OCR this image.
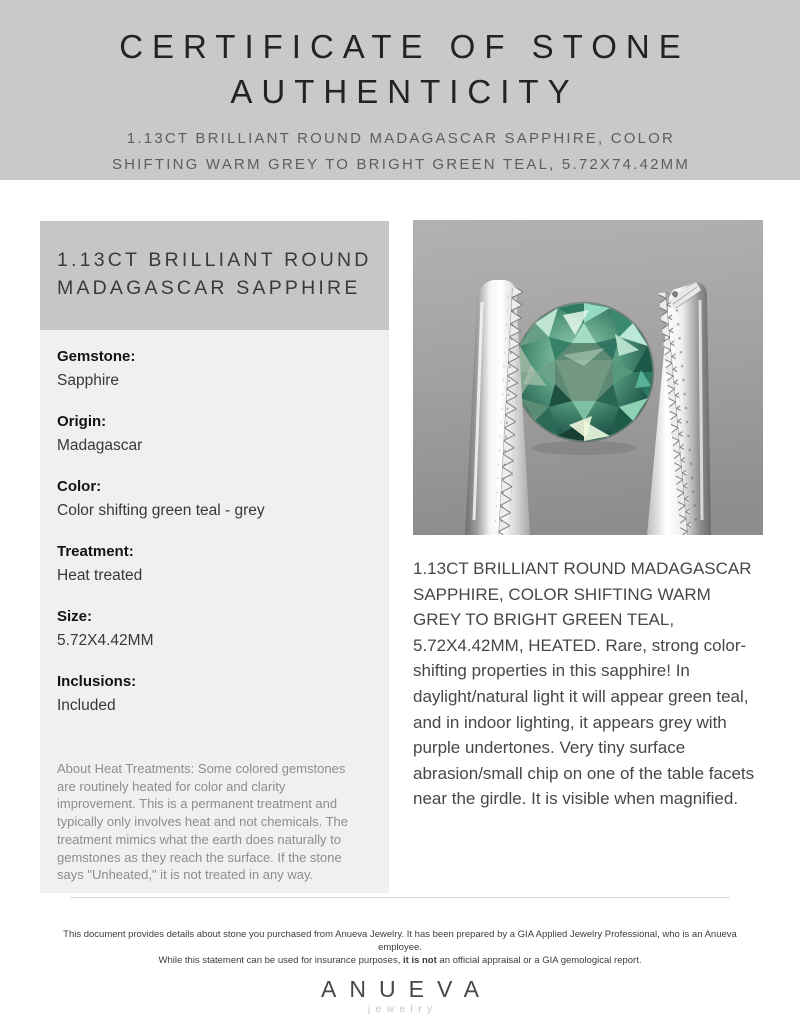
CERTIFICATE OF STONE
AUTHENTICITY
1.13CT BRILLIANT ROUND MADAGASCAR SAPPHIRE, COLOR
SHIFTING WARM GREY TO BRIGHT GREEN TEAL, 5.72X74.42MM
1.13CT BRILLIANT ROUND
MADAGASCAR SAPPHIRE
Gemstone:
Sapphire
Origin:
Madagascar
Color:
Color shifting green teal - grey
Treatment:
Heat treated
Size:
5.72X4.42MM
Inclusions:
Included
About Heat Treatments: Some colored gemstones are routinely heated for color and clarity improvement. This is a permanent treatment and typically only involves heat and not chemicals. The treatment mimics what the earth does naturally to gemstones as they reach the surface. If the stone says "Unheated," it is not treated in any way.
1.13CT BRILLIANT ROUND MADAGASCAR SAPPHIRE, COLOR SHIFTING WARM GREY TO BRIGHT GREEN TEAL, 5.72X4.42MM, HEATED. Rare, strong color-shifting properties in this sapphire! In daylight/natural light it will appear green teal, and in indoor lighting, it appears grey with purple undertones. Very tiny surface abrasion/small chip on one of the table facets near the girdle. It is visible when magnified.
This document provides details about stone you purchased from Anueva Jewelry. It has been prepared by a GIA Applied Jewelry Professional, who is an Anueva employee.
While this statement can be used for insurance purposes, it is not an official appraisal or a GIA gemological report.
ANUEVA
jewelry
